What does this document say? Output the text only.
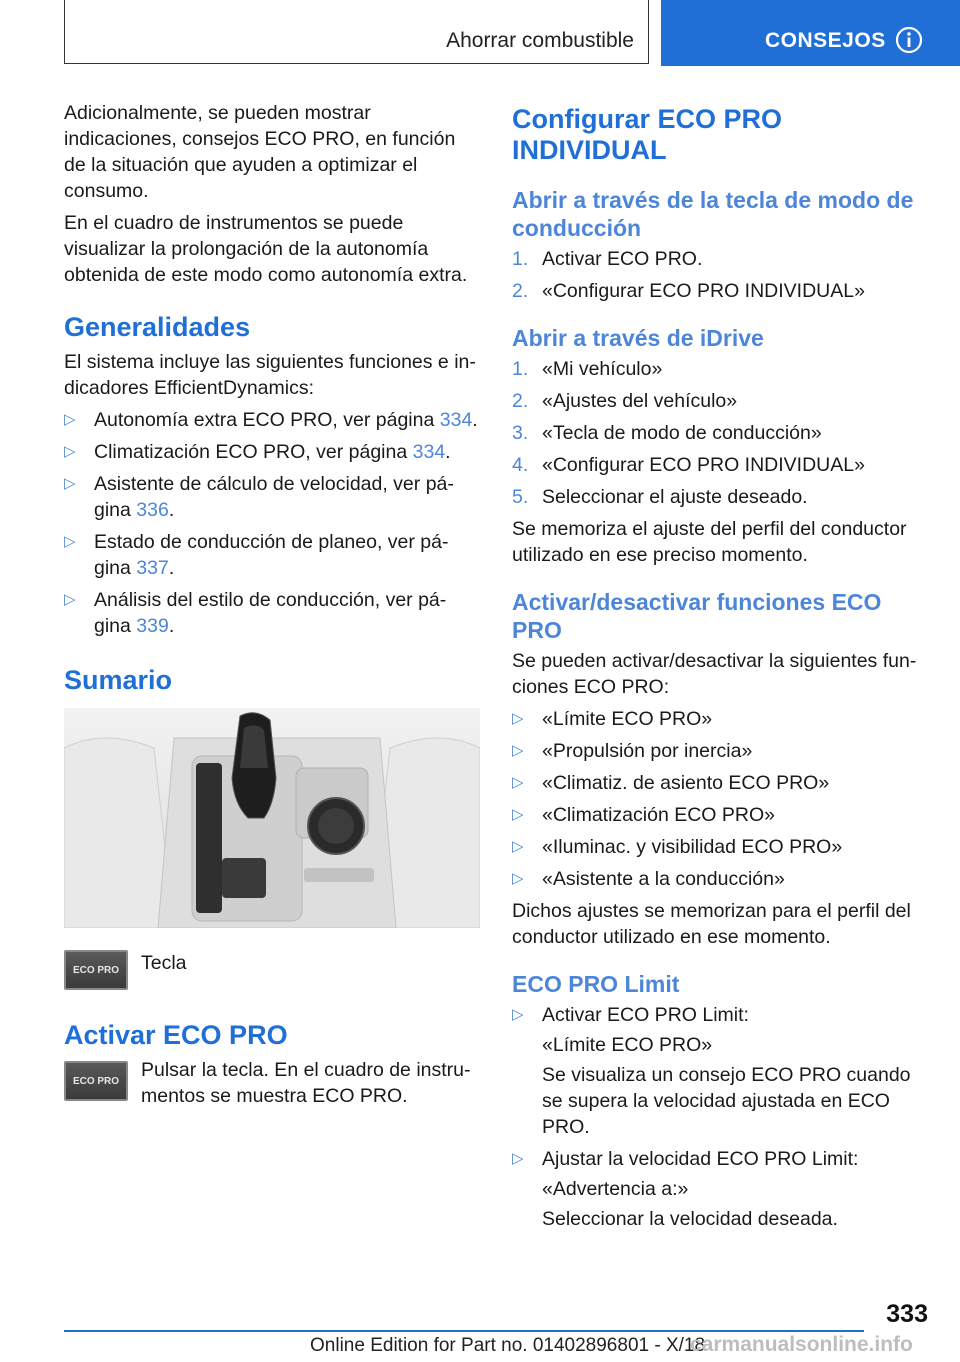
Ahorrar combustible	CONSEJOS

Adicionalmente, se pueden mostrar indicaciones, consejos ECO PRO, en función de la situación que ayuden a optimizar el consumo.

En el cuadro de instrumentos se puede visualizar la prolongación de la autonomía obtenida de este modo como autonomía extra.

Generalidades

El sistema incluye las siguientes funciones e in‐dicadores EfficientDynamics:

▷ Autonomía extra ECO PRO, ver página 334.
▷ Climatización ECO PRO, ver página 334.
▷ Asistente de cálculo de velocidad, ver pá‐gina 336.
▷ Estado de conducción de planeo, ver pá‐gina 337.
▷ Análisis del estilo de conducción, ver pá‐gina 339.
Sumario
ECO PRO	Tecla
Activar ECO PRO
ECO PRO	Pulsar la tecla. En el cuadro de instru‐mentos se muestra ECO PRO.
Configurar ECO PRO INDIVIDUAL
Abrir a través de la tecla de modo de conducción
1. Activar ECO PRO.
2. «Configurar ECO PRO INDIVIDUAL»
Abrir a través de iDrive
1. «Mi vehículo»
2. «Ajustes del vehículo»
3. «Tecla de modo de conducción»
4. «Configurar ECO PRO INDIVIDUAL»
5. Seleccionar el ajuste deseado.

Se memoriza el ajuste del perfil del conductor utilizado en ese preciso momento.

Activar/desactivar funciones ECO PRO

Se pueden activar/desactivar la siguientes fun‐ciones ECO PRO:

▷ «Límite ECO PRO»
▷ «Propulsión por inercia»
▷ «Climatiz. de asiento ECO PRO»
▷ «Climatización ECO PRO»
▷ «Iluminac. y visibilidad ECO PRO»
▷ «Asistente a la conducción»

Dichos ajustes se memorizan para el perfil del conductor utilizado en ese momento.

ECO PRO Limit
▷ Activar ECO PRO Limit:
«Límite ECO PRO»
Se visualiza un consejo ECO PRO cuando se supera la velocidad ajustada en ECO PRO.
▷ Ajustar la velocidad ECO PRO Limit:
«Advertencia a:»
Seleccionar la velocidad deseada.
333
Online Edition for Part no. 01402896801 - X/18
carmanualsonline.info
